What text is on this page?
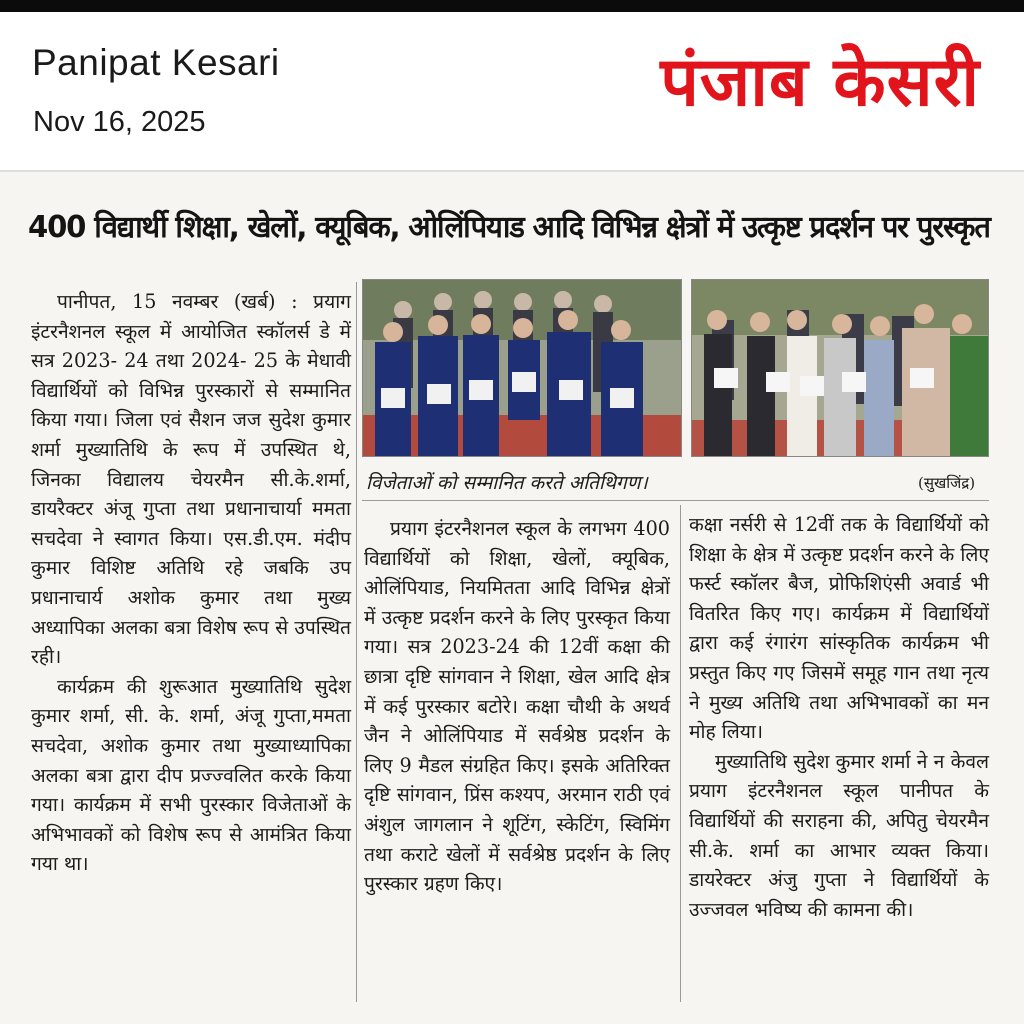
Panipat Kesari
Nov 16, 2025	पंजाब केसरी
400 विद्यार्थी शिक्षा, खेलों, क्यूबिक, ओलिंपियाड आदि विभिन्न क्षेत्रों में उत्कृष्ट प्रदर्शन पर पुरस्कृत

पानीपत, 15 नवम्बर (खर्ब) : प्रयाग इंटरनैशनल स्कूल में आयोजित स्कॉलर्स डे में सत्र 2023- 24 तथा 2024- 25 के मेधावी विद्यार्थियों को विभिन्न पुरस्कारों से सम्मानित किया गया। जिला एवं सैशन जज सुदेश कुमार शर्मा मुख्यातिथि के रूप में उपस्थित थे, जिनका विद्यालय चेयरमैन सी.के.शर्मा, डायरैक्टर अंजू गुप्ता तथा प्रधानाचार्या ममता सचदेवा ने स्वागत किया। एस.डी.एम. मंदीप कुमार विशिष्ट अतिथि रहे जबकि उप प्रधानाचार्य अशोक कुमार तथा मुख्य अध्यापिका अलका बत्रा विशेष रूप से उपस्थित रही।

कार्यक्रम की शुरूआत मुख्यातिथि सुदेश कुमार शर्मा, सी. के. शर्मा, अंजू गुप्ता,ममता सचदेवा, अशोक कुमार तथा मुख्याध्यापिका अलका बत्रा द्वारा दीप प्रज्ज्वलित करके किया गया। कार्यक्रम में सभी पुरस्कार विजेताओं के अभिभावकों को विशेष रूप से आमंत्रित किया गया था।

विजेताओं को सम्मानित करते अतिथिगण।	(सुखजिंद्र)

प्रयाग इंटरनैशनल स्कूल के लगभग 400 विद्यार्थियों को शिक्षा, खेलों, क्यूबिक, ओलिंपियाड, नियमितता आदि विभिन्न क्षेत्रों में उत्कृष्ट प्रदर्शन करने के लिए पुरस्कृत किया गया। सत्र 2023-24 की 12वीं कक्षा की छात्रा दृष्टि सांगवान ने शिक्षा, खेल आदि क्षेत्र में कई पुरस्कार बटोरे। कक्षा चौथी के अथर्व जैन ने ओलिंपियाड में सर्वश्रेष्ठ प्रदर्शन के लिए 9 मैडल संग्रहित किए। इसके अतिरिक्त दृष्टि सांगवान, प्रिंस कश्यप, अरमान राठी एवं अंशुल जागलान ने शूटिंग, स्केटिंग, स्विमिंग तथा कराटे खेलों में सर्वश्रेष्ठ प्रदर्शन के लिए पुरस्कार ग्रहण किए।

कक्षा नर्सरी से 12वीं तक के विद्यार्थियों को शिक्षा के क्षेत्र में उत्कृष्ट प्रदर्शन करने के लिए फर्स्ट स्कॉलर बैज, प्रोफिशिएंसी अवार्ड भी वितरित किए गए। कार्यक्रम में विद्यार्थियों द्वारा कई रंगारंग सांस्कृतिक कार्यक्रम भी प्रस्तुत किए गए जिसमें समूह गान तथा नृत्य ने मुख्य अतिथि तथा अभिभावकों का मन मोह लिया।

मुख्यातिथि सुदेश कुमार शर्मा ने न केवल प्रयाग इंटरनैशनल स्कूल पानीपत के विद्यार्थियों की सराहना की, अपितु चेयरमैन सी.के. शर्मा का आभार व्यक्त किया। डायरेक्टर अंजु गुप्ता ने विद्यार्थियों के उज्जवल भविष्य की कामना की।
